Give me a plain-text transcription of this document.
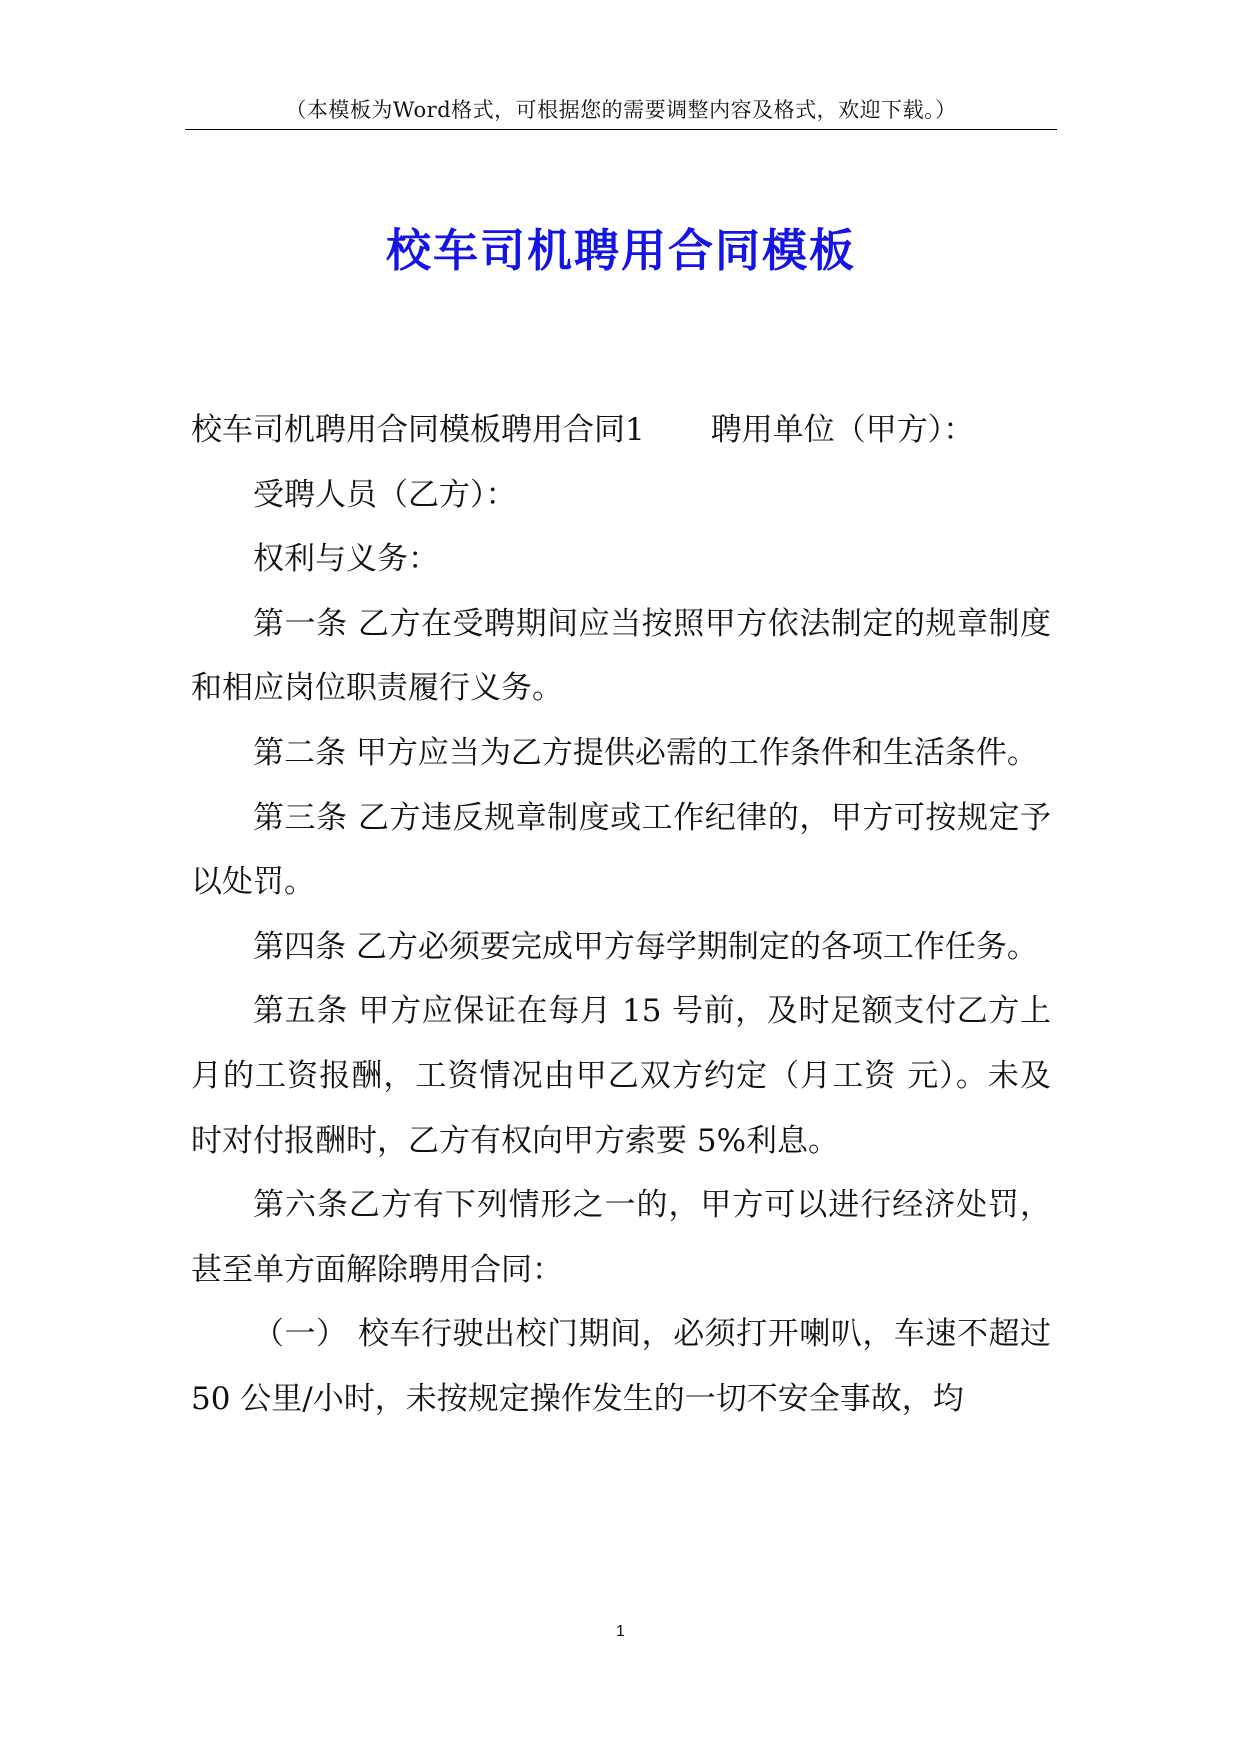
（本模板为Word格式，可根据您的需要调整内容及格式，欢迎下载。）
校车司机聘用合同模板

校车司机聘用合同模板聘用合同1 聘用单位（甲方）：

受聘人员（乙方）：

权利与义务：

第一条 乙方在受聘期间应当按照甲方依法制定的规章制度和相应岗位职责履行义务。

第二条 甲方应当为乙方提供必需的工作条件和生活条件。

第三条 乙方违反规章制度或工作纪律的，甲方可按规定予以处罚。

第四条 乙方必须要完成甲方每学期制定的各项工作任务。

第五条 甲方应保证在每月 15 号前，及时足额支付乙方上月的工资报酬，工资情况由甲乙双方约定（月工资 元）。未及时对付报酬时，乙方有权向甲方索要 5%利息。

第六条乙方有下列情形之一的，甲方可以进行经济处罚，甚至单方面解除聘用合同：

（一） 校车行驶出校门期间，必须打开喇叭，车速不超过 50 公里/小时，未按规定操作发生的一切不安全事故，均

1
